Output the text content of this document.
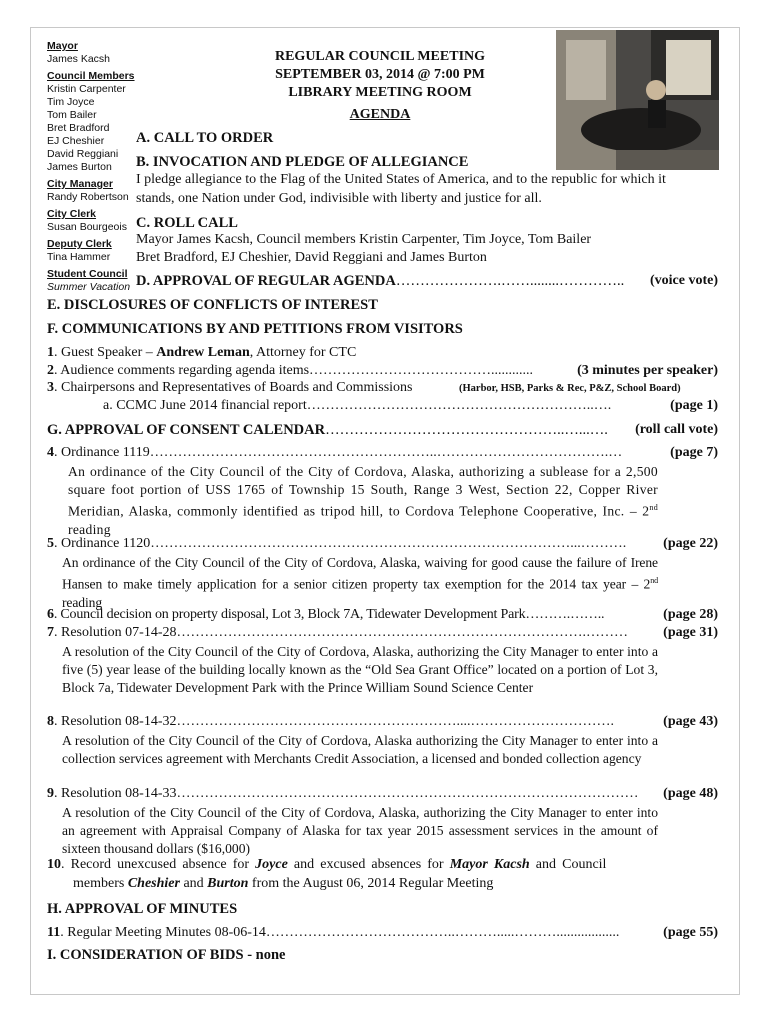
Mayor
James Kacsh
Council Members
Kristin Carpenter
Tim Joyce
Tom Bailer
Bret Bradford
EJ Cheshier
David Reggiani
James Burton
City Manager
Randy Robertson
City Clerk
Susan Bourgeois
Deputy Clerk
Tina Hammer
Student Council
Summer Vacation
REGULAR COUNCIL MEETING
SEPTEMBER 03, 2014 @ 7:00 PM
LIBRARY MEETING ROOM
AGENDA
A. CALL TO ORDER
B. INVOCATION AND PLEDGE OF ALLEGIANCE
I pledge allegiance to the Flag of the United States of America, and to the republic for which it
stands, one Nation under God, indivisible with liberty and justice for all.
C. ROLL CALL
Mayor James Kacsh, Council members Kristin Carpenter, Tim Joyce, Tom Bailer
Bret Bradford, EJ Cheshier, David Reggiani and James Burton
D. APPROVAL OF REGULAR AGENDA………………….……........………….. (voice vote)
E. DISCLOSURES OF CONFLICTS OF INTEREST
F. COMMUNICATIONS BY AND PETITIONS FROM VISITORS
1. Guest Speaker – Andrew Leman, Attorney for CTC
2. Audience comments regarding agenda items…………………………………............	(3 minutes per speaker)
3. Chairpersons and Representatives of Boards and Commissions	(Harbor, HSB, Parks & Rec, P&Z, School Board)
a. CCMC June 2014 financial report……………………………………………………..….	(page 1)
G. APPROVAL OF CONSENT CALENDAR…………………………………………..…...…. (roll call vote)
4. Ordinance 1119……………………………………………………..……………………………….…	(page 7)
An ordinance of the City Council of the City of Cordova, Alaska, authorizing a sublease for a 2,500 square foot portion of USS 1765 of Township 15 South, Range 3 West, Section 22, Copper River Meridian, Alaska, commonly identified as tripod hill, to Cordova Telephone Cooperative, Inc. – 2nd reading
5. Ordinance 1120………………………………………………………………………………...……….	(page 22)
An ordinance of the City Council of the City of Cordova, Alaska, waiving for good cause the failure of Irene Hansen to make timely application for a senior citizen property tax exemption for the 2014 tax year – 2nd reading
6. Council decision on property disposal, Lot 3, Block 7A, Tidewater Development Park……….……..	(page 28)
7. Resolution 07-14-28…………………………………………………………………………….………	(page 31)
A resolution of the City Council of the City of Cordova, Alaska, authorizing the City Manager to enter into a five (5) year lease of the building locally known as the “Old Sea Grant Office” located on a portion of Lot 3, Block 7a, Tidewater Development Park with the Prince William Sound Science Center
8. Resolution 08-14-32……………………………………………………....………………………….	(page 43)
A resolution of the City Council of the City of Cordova, Alaska authorizing the City Manager to enter into a collection services agreement with Merchants Credit Association, a licensed and bonded collection agency
9. Resolution 08-14-33……………………………………………………………………………………… (page 48)
A resolution of the City Council of the City of Cordova, Alaska, authorizing the City Manager to enter into an agreement with Appraisal Company of Alaska for tax year 2015 assessment services in the amount of sixteen thousand dollars ($16,000)
10. Record unexcused absence for Joyce and excused absences for Mayor Kacsh and Council
members Cheshier and Burton from the August 06, 2014 Regular Meeting
H. APPROVAL OF MINUTES
11. Regular Meeting Minutes 08-06-14…………………………………..……….....………..................	(page 55)
I. CONSIDERATION OF BIDS - none
